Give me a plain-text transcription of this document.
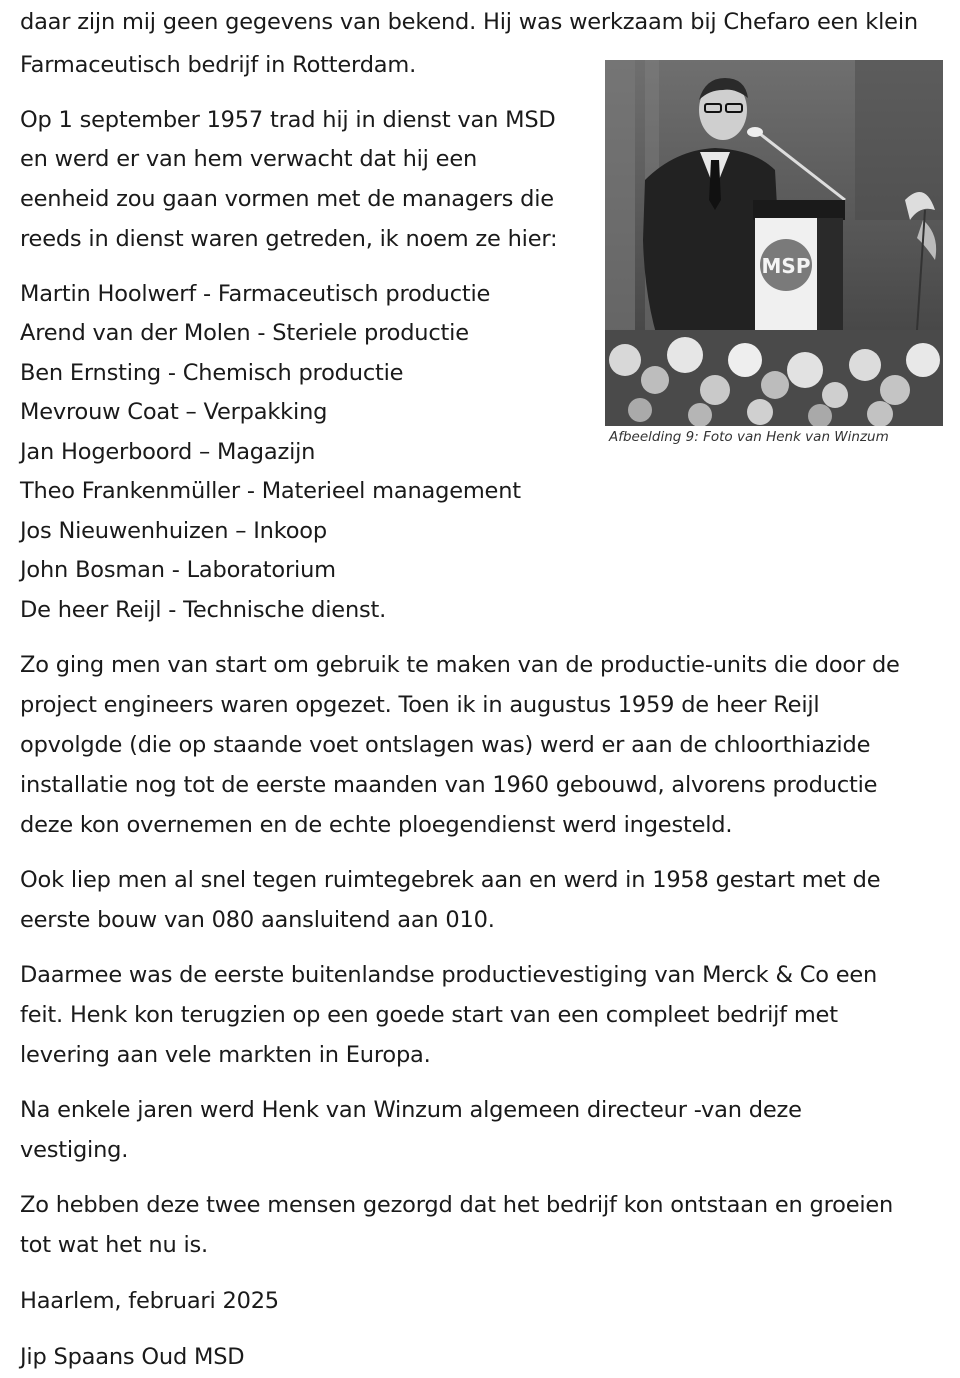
daar zijn mij geen gegevens van bekend. Hij was werkzaam bij Chefaro een klein
Farmaceutisch bedrijf in Rotterdam.
Op 1 september 1957 trad hij in dienst van MSD
en werd er van hem verwacht dat hij een
eenheid zou gaan vormen met de managers die
reeds in dienst waren getreden, ik noem ze hier:
Martin Hoolwerf - Farmaceutisch productie
Arend van der Molen - Steriele productie
Ben Ernsting - Chemisch productie
Mevrouw Coat – Verpakking
Jan Hogerboord – Magazijn
Theo Frankenmüller - Materieel management
Jos Nieuwenhuizen – Inkoop
John Bosman - Laboratorium
De heer Reijl - Technische dienst.
Zo ging men van start om gebruik te maken van de productie-units die door de
project engineers waren opgezet. Toen ik in augustus 1959 de heer Reijl
opvolgde (die op staande voet ontslagen was) werd er aan de chloorthiazide
installatie nog tot de eerste maanden van 1960 gebouwd, alvorens productie
deze kon overnemen en de echte ploegendienst werd ingesteld.
Ook liep men al snel tegen ruimtegebrek aan en werd in 1958 gestart met de
eerste bouw van 080 aansluitend aan 010.
Daarmee was de eerste buitenlandse productievestiging van Merck & Co een
feit. Henk kon terugzien op een goede start van een compleet bedrijf met
levering aan vele markten in Europa.
Na enkele jaren werd Henk van Winzum algemeen directeur -van deze
vestiging.
Zo hebben deze twee mensen gezorgd dat het bedrijf kon ontstaan en groeien
tot wat het nu is.
Haarlem, februari 2025
Jip Spaans Oud MSD
MSP
Afbeelding 9: Foto van Henk van Winzum
